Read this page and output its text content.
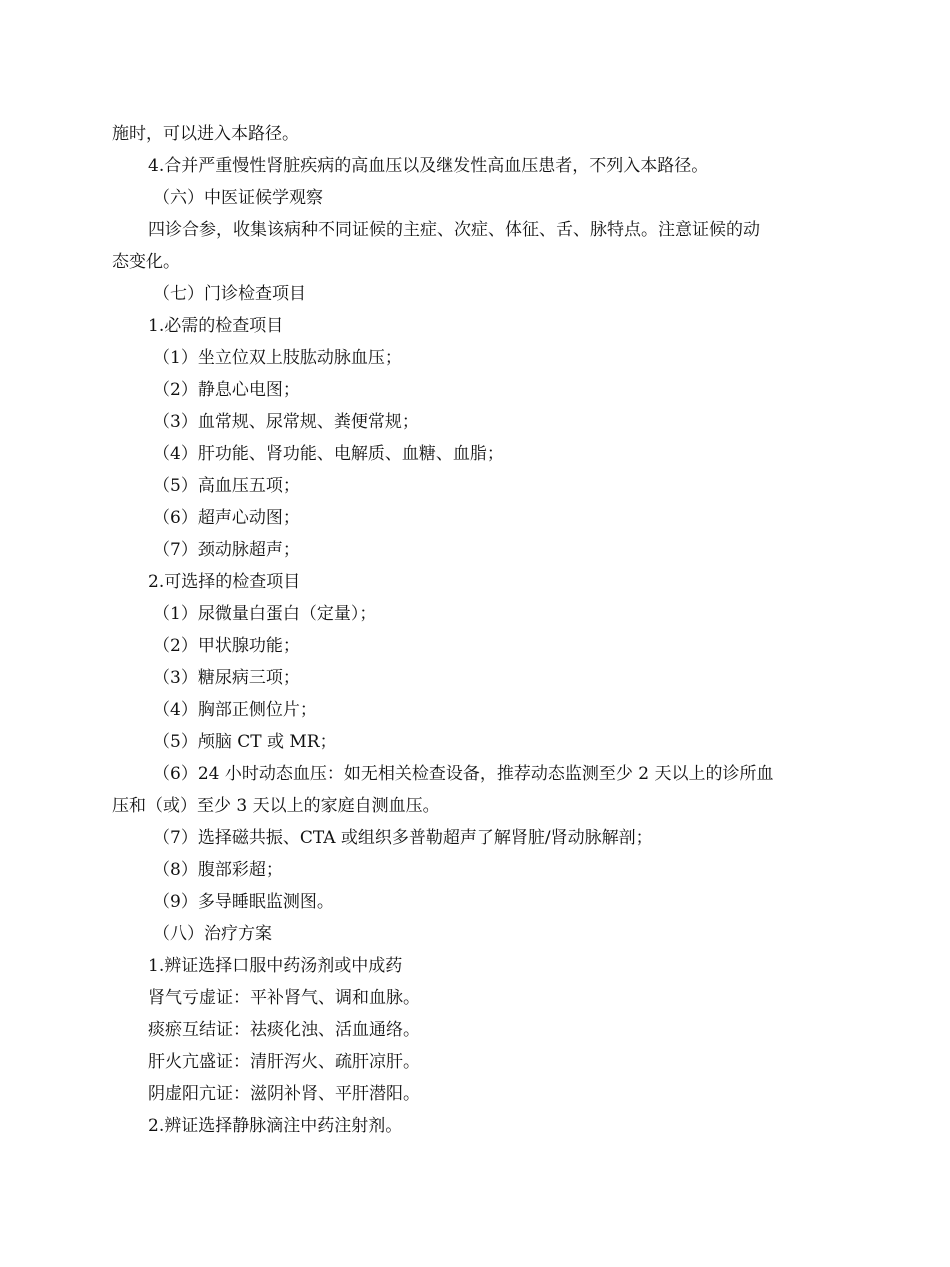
施时，可以进入本路径。
4.合并严重慢性肾脏疾病的高血压以及继发性高血压患者，不列入本路径。
（六）中医证候学观察
四诊合参，收集该病种不同证候的主症、次症、体征、舌、脉特点。注意证候的动
态变化。
（七）门诊检查项目
1.必需的检查项目
（1）坐立位双上肢肱动脉血压；
（2）静息心电图；
（3）血常规、尿常规、粪便常规；
（4）肝功能、肾功能、电解质、血糖、血脂；
（5）高血压五项；
（6）超声心动图；
（7）颈动脉超声；
2.可选择的检查项目
（1）尿微量白蛋白（定量）；
（2）甲状腺功能；
（3）糖尿病三项；
（4）胸部正侧位片；
（5）颅脑 CT 或 MR；
（6）24 小时动态血压：如无相关检查设备，推荐动态监测至少 2 天以上的诊所血
压和（或）至少 3 天以上的家庭自测血压。
（7）选择磁共振、CTA 或组织多普勒超声了解肾脏/肾动脉解剖；
（8）腹部彩超；
（9）多导睡眠监测图。
（八）治疗方案
1.辨证选择口服中药汤剂或中成药
肾气亏虚证：平补肾气、调和血脉。
痰瘀互结证：祛痰化浊、活血通络。
肝火亢盛证：清肝泻火、疏肝凉肝。
阴虚阳亢证：滋阴补肾、平肝潜阳。
2.辨证选择静脉滴注中药注射剂。
